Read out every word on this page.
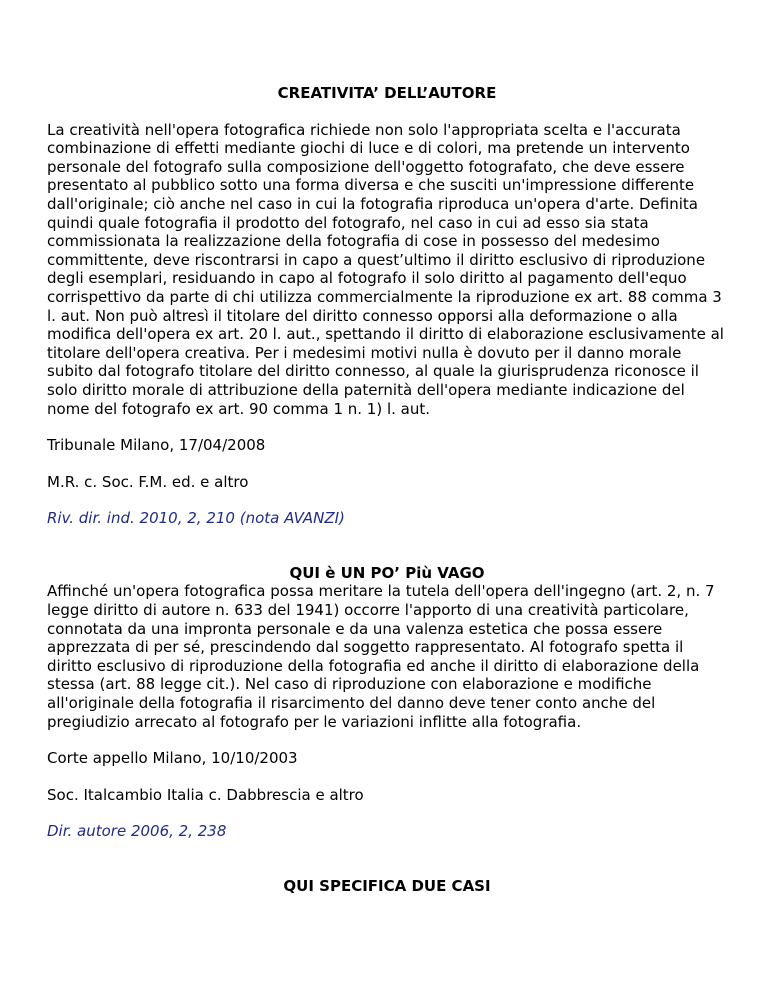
CREATIVITA’ DELL’AUTORE

La creatività nell'opera fotografica richiede non solo l'appropriata scelta e l'accurata combinazione di effetti mediante giochi di luce e di colori, ma pretende un intervento personale del fotografo sulla composizione dell'oggetto fotografato, che deve essere presentato al pubblico sotto una forma diversa e che susciti un'impressione differente dall'originale; ciò anche nel caso in cui la fotografia riproduca un'opera d'arte. Definita quindi quale fotografia il prodotto del fotografo, nel caso in cui ad esso sia stata commissionata la realizzazione della fotografia di cose in possesso del medesimo committente, deve riscontrarsi in capo a quest’ultimo il diritto esclusivo di riproduzione degli esemplari, residuando in capo al fotografo il solo diritto al pagamento dell'equo corrispettivo da parte di chi utilizza commercialmente la riproduzione ex art. 88 comma 3 l. aut. Non può altresì il titolare del diritto connesso opporsi alla deformazione o alla modifica dell'opera ex art. 20 l. aut., spettando il diritto di elaborazione esclusivamente al titolare dell'opera creativa. Per i medesimi motivi nulla è dovuto per il danno morale subito dal fotografo titolare del diritto connesso, al quale la giurisprudenza riconosce il solo diritto morale di attribuzione della paternità dell'opera mediante indicazione del nome del fotografo ex art. 90 comma 1 n. 1) l. aut.

Tribunale Milano, 17/04/2008

M.R. c. Soc. F.M. ed. e altro

Riv. dir. ind. 2010, 2, 210 (nota AVANZI)

QUI è UN PO’ Più VAGO

Affinché un'opera fotografica possa meritare la tutela dell'opera dell'ingegno (art. 2, n. 7 legge diritto di autore n. 633 del 1941) occorre l'apporto di una creatività particolare, connotata da una impronta personale e da una valenza estetica che possa essere apprezzata di per sé, prescindendo dal soggetto rappresentato. Al fotografo spetta il diritto esclusivo di riproduzione della fotografia ed anche il diritto di elaborazione della stessa (art. 88 legge cit.). Nel caso di riproduzione con elaborazione e modifiche all'originale della fotografia il risarcimento del danno deve tener conto anche del pregiudizio arrecato al fotografo per le variazioni inflitte alla fotografia.

Corte appello Milano, 10/10/2003

Soc. Italcambio Italia c. Dabbrescia e altro

Dir. autore 2006, 2, 238

QUI SPECIFICA DUE CASI
